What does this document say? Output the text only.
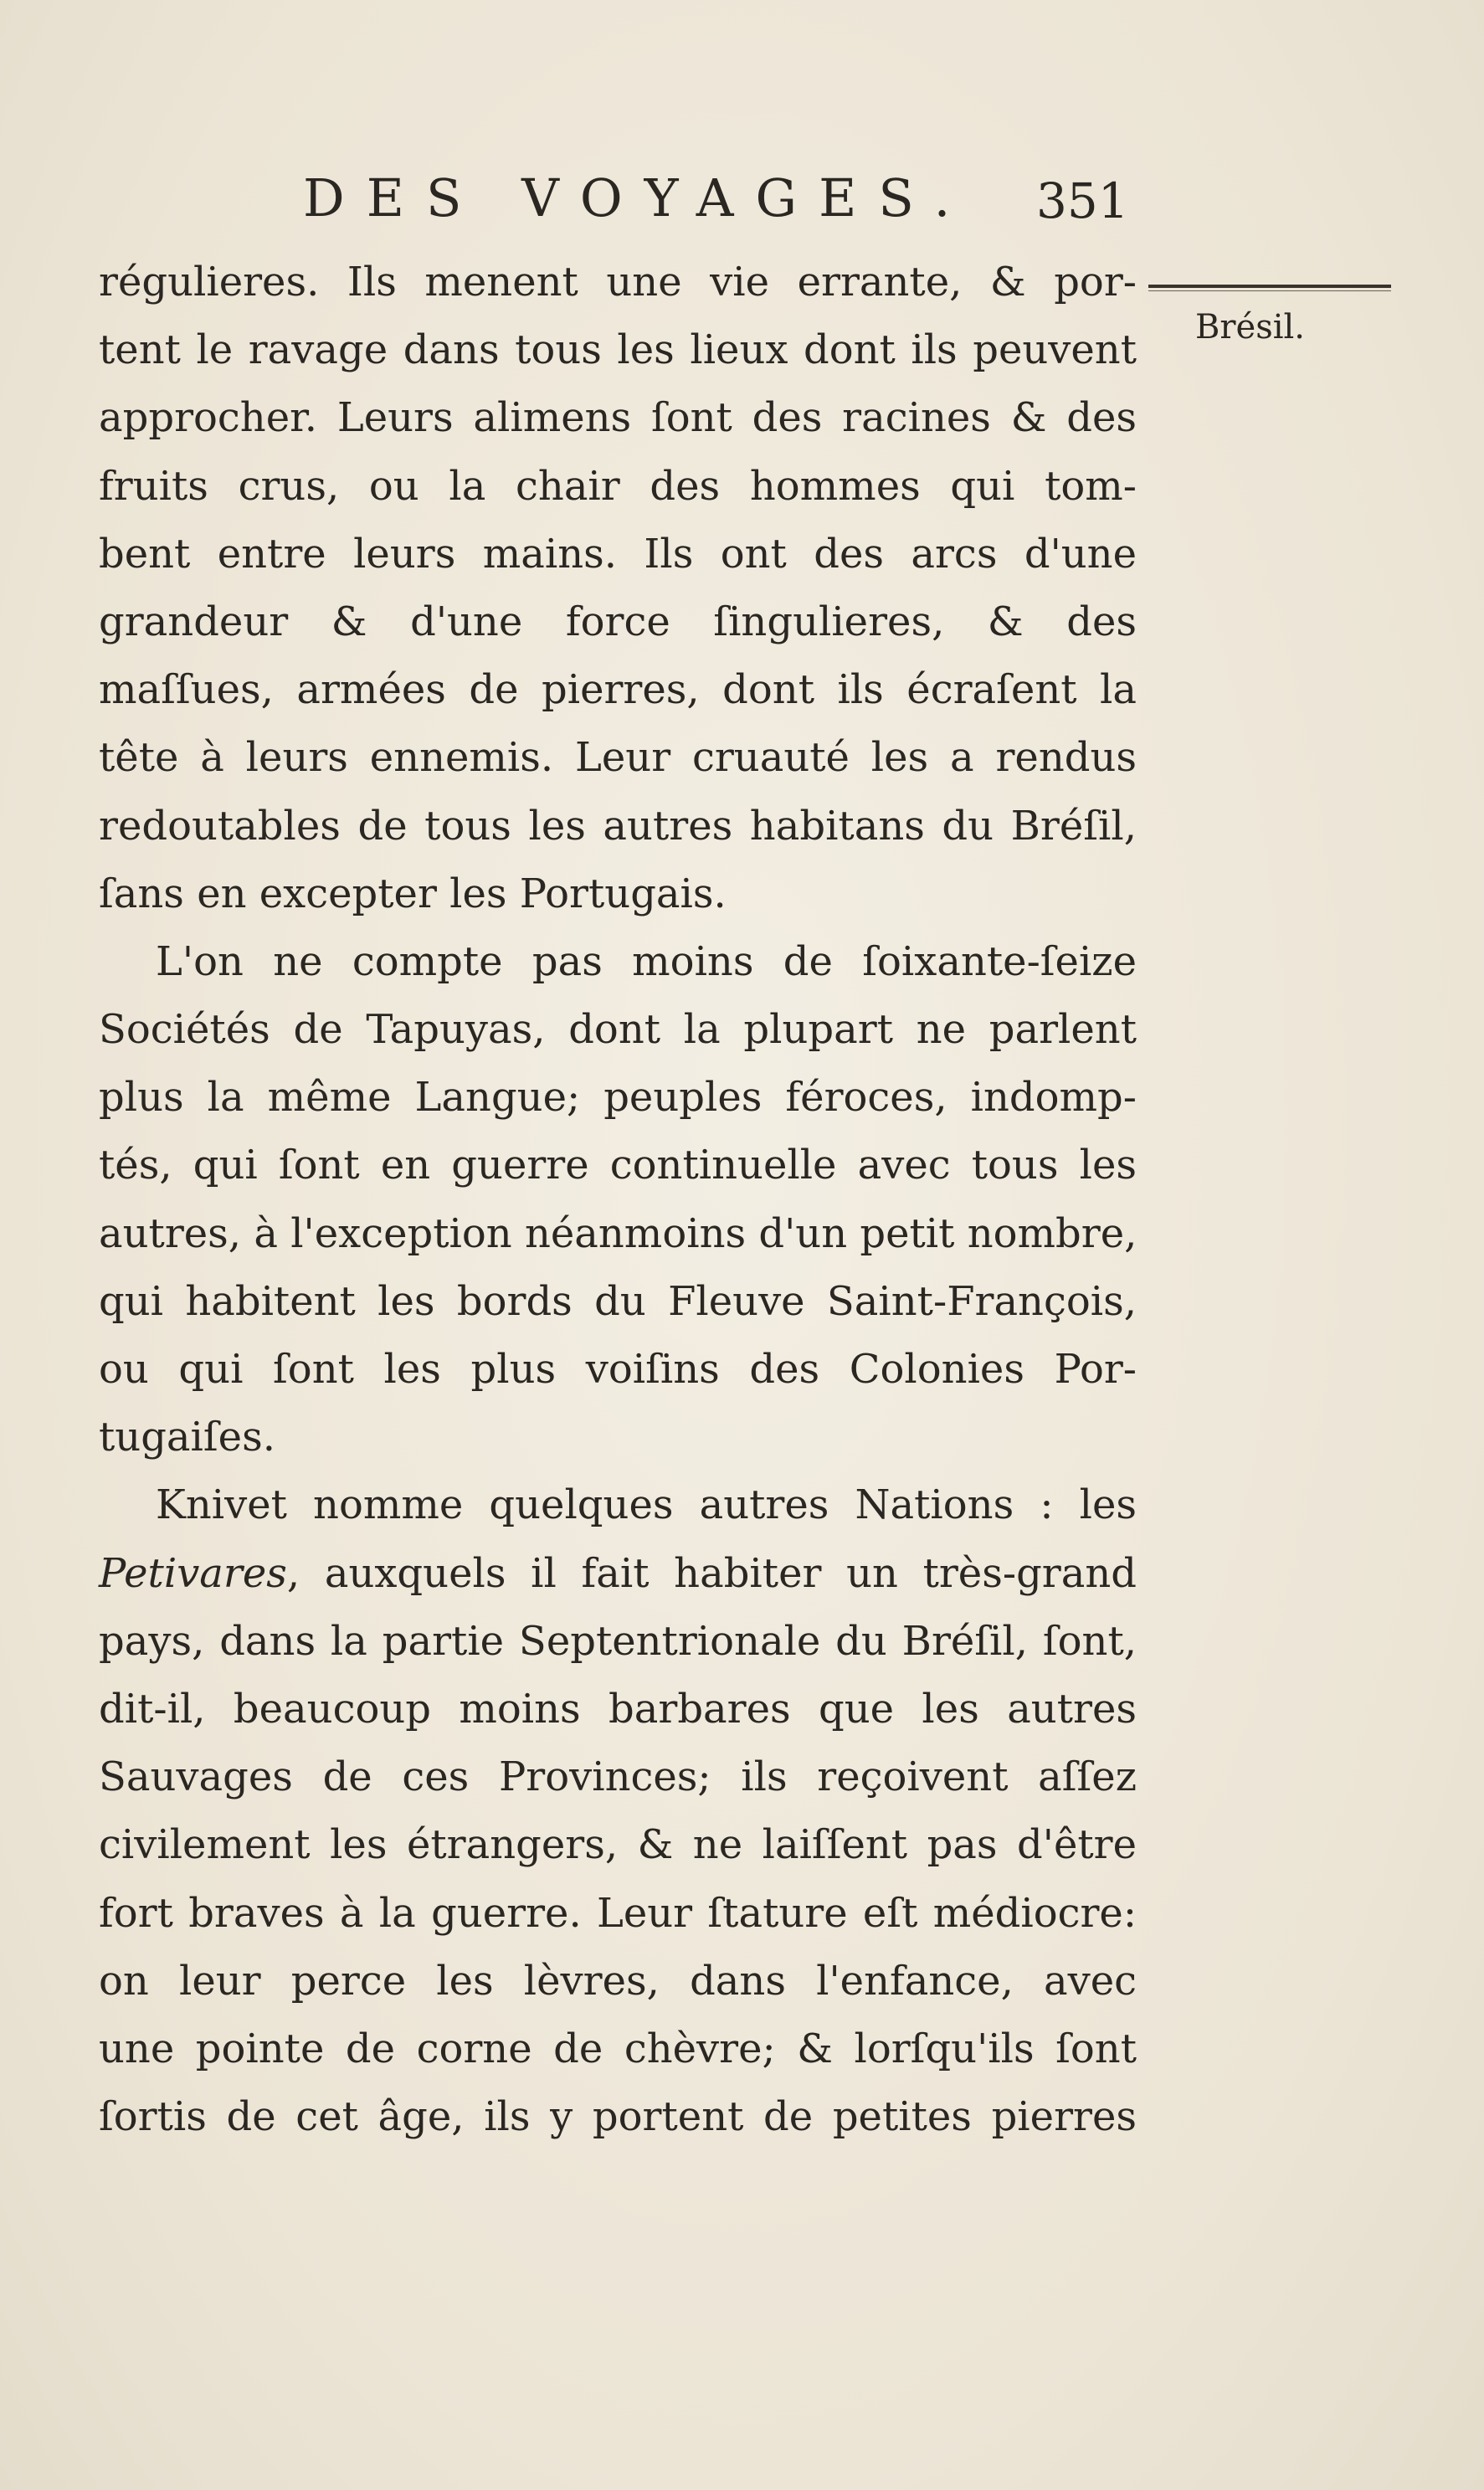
DES VOYAGES. 351
Brésil.
régulieres. Ils menent une vie errante, & por-
tent le ravage dans tous les lieux dont ils peuvent
approcher. Leurs alimens ſont des racines & des
fruits crus, ou la chair des hommes qui tom-
bent entre leurs mains. Ils ont des arcs d'une
grandeur & d'une force ſingulieres, & des
maſſues, armées de pierres, dont ils écraſent la
tête à leurs ennemis. Leur cruauté les a rendus
redoutables de tous les autres habitans du Bréſil,
ſans en excepter les Portugais.
L'on ne compte pas moins de ſoixante-ſeize
Sociétés de Tapuyas, dont la plupart ne parlent
plus la même Langue; peuples féroces, indomp-
tés, qui ſont en guerre continuelle avec tous les
autres, à l'exception néanmoins d'un petit nombre,
qui habitent les bords du Fleuve Saint-François,
ou qui ſont les plus voiſins des Colonies Por-
tugaiſes.
Knivet nomme quelques autres Nations : les
Petivares, auxquels il fait habiter un très-grand
pays, dans la partie Septentrionale du Bréſil, ſont,
dit-il, beaucoup moins barbares que les autres
Sauvages de ces Provinces; ils reçoivent aſſez
civilement les étrangers, & ne laiſſent pas d'être
fort braves à la guerre. Leur ſtature eſt médiocre:
on leur perce les lèvres, dans l'enfance, avec
une pointe de corne de chèvre; & lorſqu'ils ſont
ſortis de cet âge, ils y portent de petites pierres
